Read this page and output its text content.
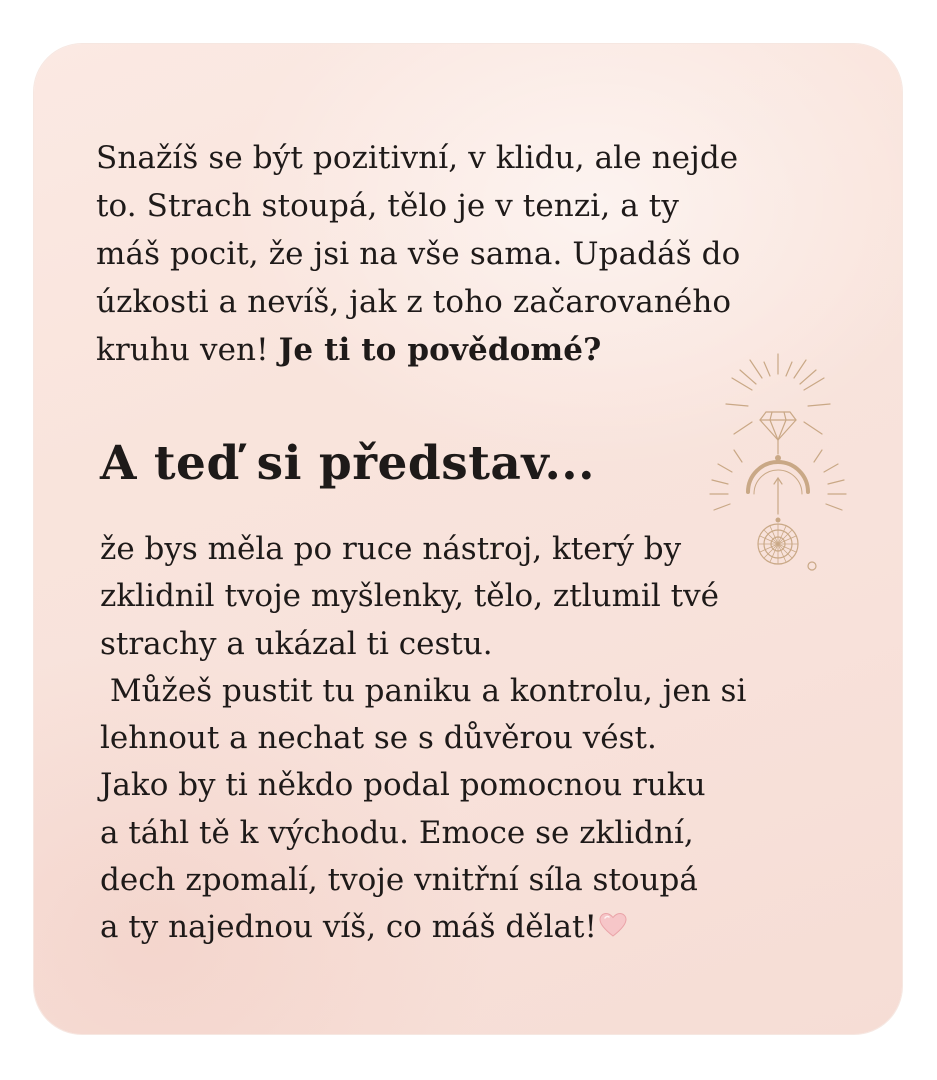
Snažíš se být pozitivní, v klidu, ale nejde
to. Strach stoupá, tělo je v tenzi, a ty
máš pocit, že jsi na vše sama. Upadáš do
úzkosti a nevíš, jak z toho začarovaného
kruhu ven! Je ti to povědomé?
A teď si představ...
že bys měla po ruce nástroj, který by
zklidnil tvoje myšlenky, tělo, ztlumil tvé
strachy a ukázal ti cestu.
Můžeš pustit tu paniku a kontrolu, jen si
lehnout a nechat se s důvěrou vést.
Jako by ti někdo podal pomocnou ruku
a táhl tě k východu. Emoce se zklidní,
dech zpomalí, tvoje vnitřní síla stoupá
a ty najednou víš, co máš dělat!
